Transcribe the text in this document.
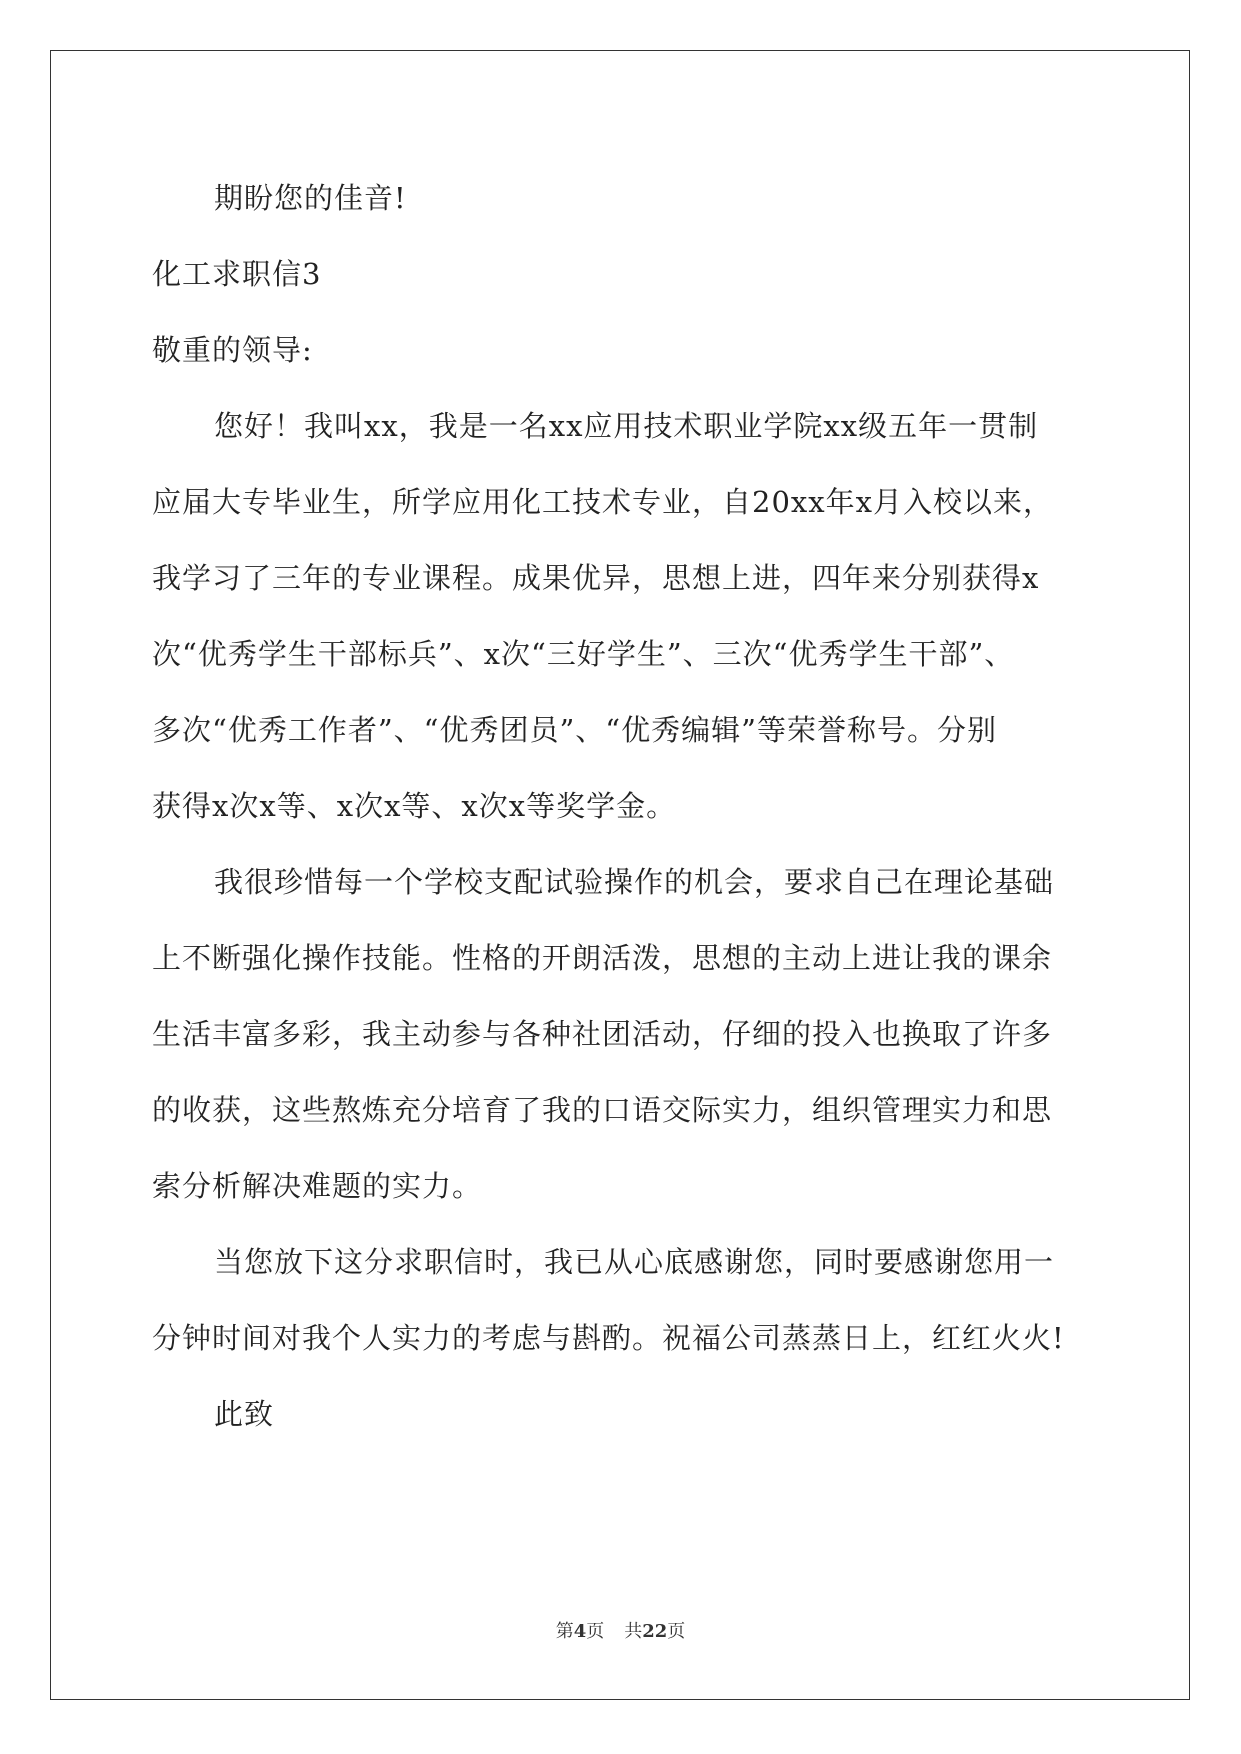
期盼您的佳音!
化工求职信3
敬重的领导:
您好！我叫xx，我是一名xx应用技术职业学院xx级五年一贯制
应届大专毕业生，所学应用化工技术专业，自20xx年x月入校以来，
我学习了三年的专业课程。成果优异，思想上进，四年来分别获得x
次“优秀学生干部标兵”、x次“三好学生”、三次“优秀学生干部”、
多次“优秀工作者”、“优秀团员”、“优秀编辑”等荣誉称号。分别
获得x次x等、x次x等、x次x等奖学金。
我很珍惜每一个学校支配试验操作的机会，要求自己在理论基础
上不断强化操作技能。性格的开朗活泼，思想的主动上进让我的课余
生活丰富多彩，我主动参与各种社团活动，仔细的投入也换取了许多
的收获，这些熬炼充分培育了我的口语交际实力，组织管理实力和思
索分析解决难题的实力。
当您放下这分求职信时，我已从心底感谢您，同时要感谢您用一
分钟时间对我个人实力的考虑与斟酌。祝福公司蒸蒸日上，红红火火!
此致
第4页 共22页
